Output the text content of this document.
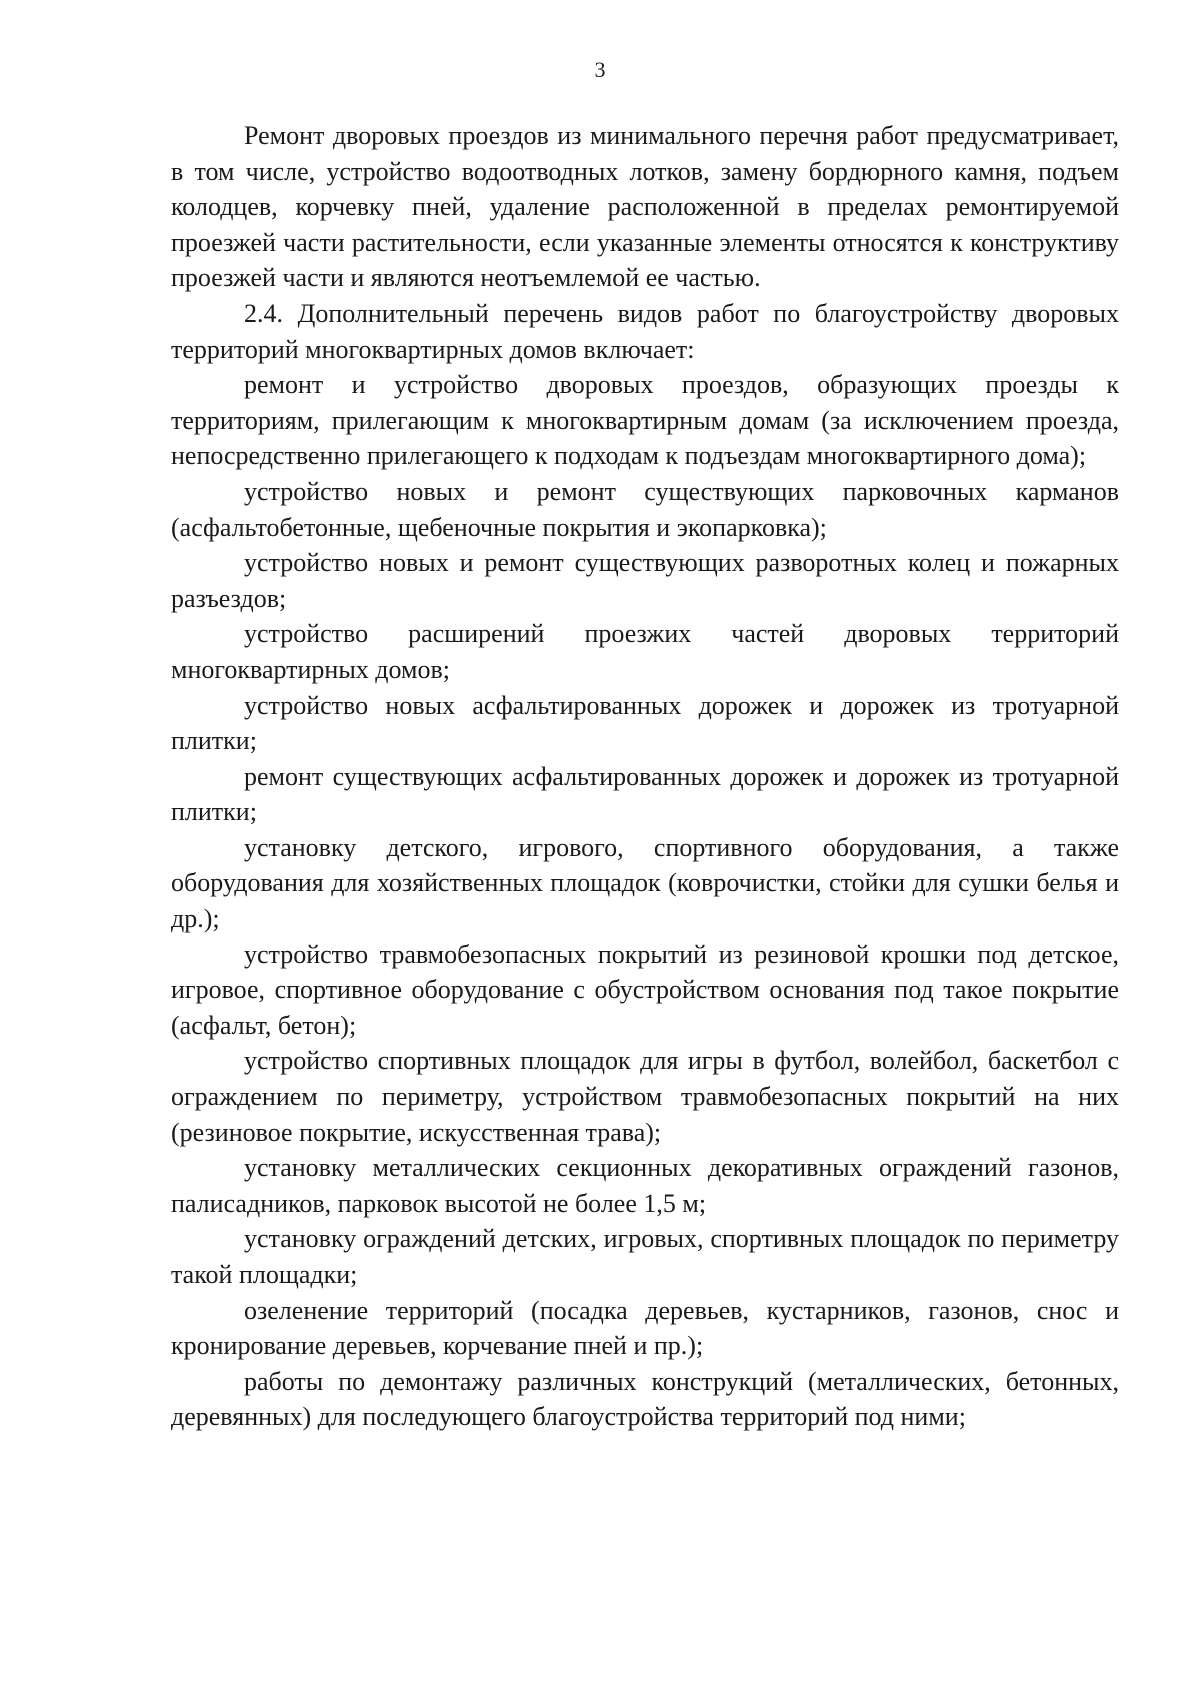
3

Ремонт дворовых проездов из минимального перечня работ предусматривает, в том числе, устройство водоотводных лотков, замену бордюрного камня, подъем колодцев, корчевку пней, удаление расположенной в пределах ремонтируемой проезжей части растительности, если указанные элементы относятся к конструктиву проезжей части и являются неотъемлемой ее частью.

2.4. Дополнительный перечень видов работ по благоустройству дворовых территорий многоквартирных домов включает:

ремонт и устройство дворовых проездов, образующих проезды к территориям, прилегающим к многоквартирным домам (за исключением проезда, непосредственно прилегающего к подходам к подъездам многоквартирного дома);

устройство новых и ремонт существующих парковочных карманов (асфальтобетонные, щебеночные покрытия и экопарковка);

устройство новых и ремонт существующих разворотных колец и пожарных разъездов;

устройство расширений проезжих частей дворовых территорий многоквартирных домов;

устройство новых асфальтированных дорожек и дорожек из тротуарной плитки;

ремонт существующих асфальтированных дорожек и дорожек из тротуарной плитки;

установку детского, игрового, спортивного оборудования, а также оборудования для хозяйственных площадок (коврочистки, стойки для сушки белья и др.);

устройство травмобезопасных покрытий из резиновой крошки под детское, игровое, спортивное оборудование с обустройством основания под такое покрытие (асфальт, бетон);

устройство спортивных площадок для игры в футбол, волейбол, баскетбол с ограждением по периметру, устройством травмобезопасных покрытий на них (резиновое покрытие, искусственная трава);

установку металлических секционных декоративных ограждений газонов, палисадников, парковок высотой не более 1,5 м;

установку ограждений детских, игровых, спортивных площадок по периметру такой площадки;

озеленение территорий (посадка деревьев, кустарников, газонов, снос и кронирование деревьев, корчевание пней и пр.);

работы по демонтажу различных конструкций (металлических, бетонных, деревянных) для последующего благоустройства территорий под ними;
